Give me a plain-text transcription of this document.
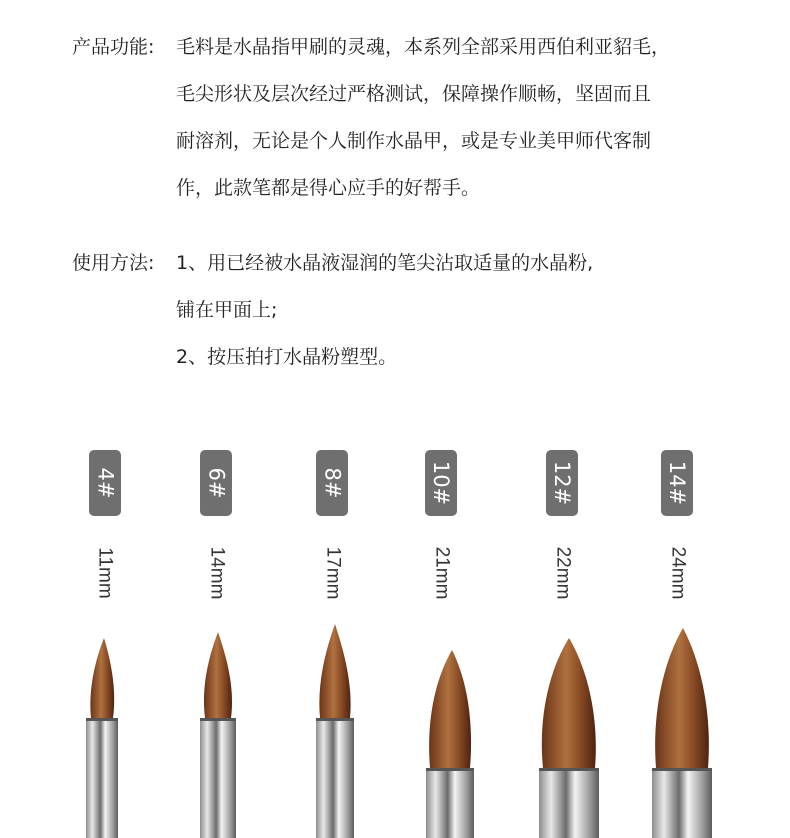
产品功能:	毛料是水晶指甲刷的灵魂，本系列全部采用西伯利亚貂毛，
毛尖形状及层次经过严格测试，保障操作顺畅，坚固而且
耐溶剂，无论是个人制作水晶甲，或是专业美甲师代客制
作，此款笔都是得心应手的好帮手。
使用方法:	1、用已经被水晶液湿润的笔尖沾取适量的水晶粉,
铺在甲面上;
2、按压拍打水晶粉塑型。
4#
11mm
6#
14mm
8#
17mm
10#
21mm
12#
22mm
14#
24mm
